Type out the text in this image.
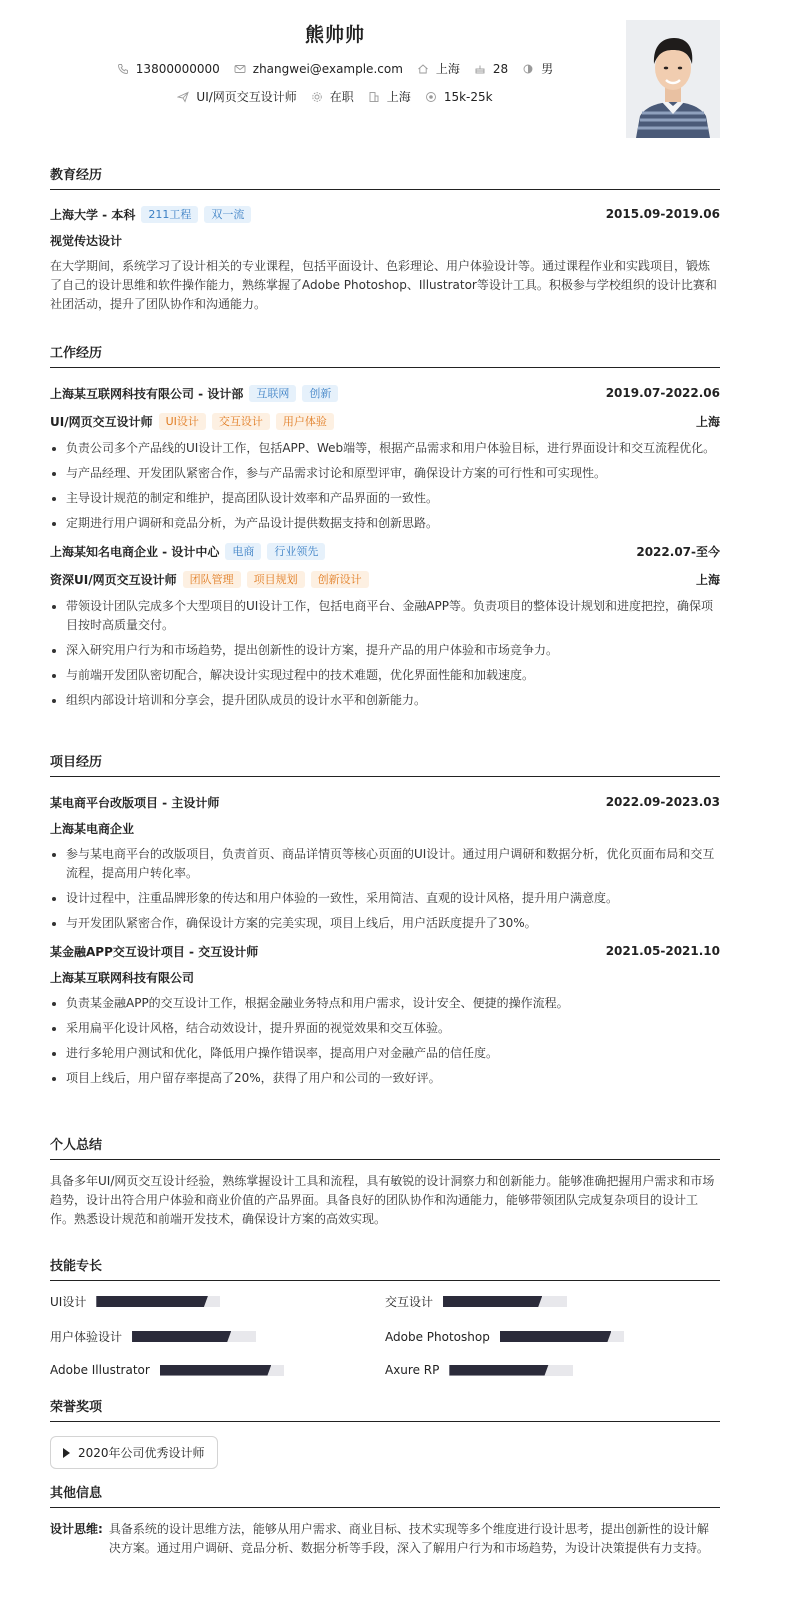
熊帅帅
13800000000	zhangwei@example.com	上海	28	男
UI/网页交互设计师	在职	上海	15k-25k
教育经历
上海大学 - 本科	211工程	双一流	2015.09-2019.06
视觉传达设计
在大学期间，系统学习了设计相关的专业课程，包括平面设计、色彩理论、用户体验设计等。通过课程作业和实践项目，锻炼了自己的设计思维和软件操作能力，熟练掌握了Adobe Photoshop、Illustrator等设计工具。积极参与学校组织的设计比赛和社团活动，提升了团队协作和沟通能力。
工作经历
上海某互联网科技有限公司 - 设计部	互联网	创新	2019.07-2022.06
UI/网页交互设计师	UI设计	交互设计	用户体验	上海
负责公司多个产品线的UI设计工作，包括APP、Web端等，根据产品需求和用户体验目标，进行界面设计和交互流程优化。
与产品经理、开发团队紧密合作，参与产品需求讨论和原型评审，确保设计方案的可行性和可实现性。
主导设计规范的制定和维护，提高团队设计效率和产品界面的一致性。
定期进行用户调研和竞品分析，为产品设计提供数据支持和创新思路。
上海某知名电商企业 - 设计中心	电商	行业领先	2022.07-至今
资深UI/网页交互设计师	团队管理	项目规划	创新设计	上海
带领设计团队完成多个大型项目的UI设计工作，包括电商平台、金融APP等。负责项目的整体设计规划和进度把控，确保项目按时高质量交付。
深入研究用户行为和市场趋势，提出创新性的设计方案，提升产品的用户体验和市场竞争力。
与前端开发团队密切配合，解决设计实现过程中的技术难题，优化界面性能和加载速度。
组织内部设计培训和分享会，提升团队成员的设计水平和创新能力。
项目经历
某电商平台改版项目 - 主设计师	2022.09-2023.03
上海某电商企业
参与某电商平台的改版项目，负责首页、商品详情页等核心页面的UI设计。通过用户调研和数据分析，优化页面布局和交互流程，提高用户转化率。
设计过程中，注重品牌形象的传达和用户体验的一致性，采用简洁、直观的设计风格，提升用户满意度。
与开发团队紧密合作，确保设计方案的完美实现，项目上线后，用户活跃度提升了30%。
某金融APP交互设计项目 - 交互设计师	2021.05-2021.10
上海某互联网科技有限公司
负责某金融APP的交互设计工作，根据金融业务特点和用户需求，设计安全、便捷的操作流程。
采用扁平化设计风格，结合动效设计，提升界面的视觉效果和交互体验。
进行多轮用户测试和优化，降低用户操作错误率，提高用户对金融产品的信任度。
项目上线后，用户留存率提高了20%，获得了用户和公司的一致好评。
个人总结
具备多年UI/网页交互设计经验，熟练掌握设计工具和流程，具有敏锐的设计洞察力和创新能力。能够准确把握用户需求和市场趋势，设计出符合用户体验和商业价值的产品界面。具备良好的团队协作和沟通能力，能够带领团队完成复杂项目的设计工作。熟悉设计规范和前端开发技术，确保设计方案的高效实现。
技能专长
UI设计	交互设计
用户体验设计	Adobe Photoshop
Adobe Illustrator	Axure RP
荣誉奖项
2020年公司优秀设计师
其他信息
设计思维: 具备系统的设计思维方法，能够从用户需求、商业目标、技术实现等多个维度进行设计思考，提出创新性的设计解决方案。通过用户调研、竞品分析、数据分析等手段，深入了解用户行为和市场趋势，为设计决策提供有力支持。
